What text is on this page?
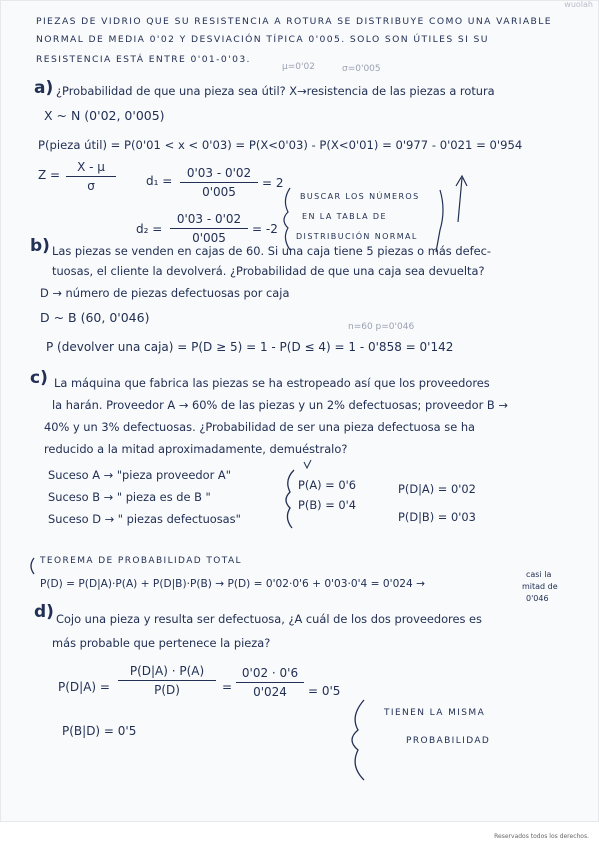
wuolah
PIEZAS DE VIDRIO QUE SU RESISTENCIA A ROTURA SE DISTRIBUYE COMO UNA VARIABLE
NORMAL DE MEDIA 0'02 Y DESVIACIÓN TÍPICA 0'005. SOLO SON ÚTILES SI SU
RESISTENCIA ESTÁ ENTRE 0'01-0'03.
μ=0'02	σ=0'005
a) ¿Probabilidad de que una pieza sea útil? X→resistencia de las piezas a rotura
X ~ N (0'02, 0'005)
P(pieza útil) = P(0'01 < x < 0'03) = P(X<0'03) - P(X<0'01) = 0'977 - 0'021 = 0'954
Z =
X - μ
σ	d₁ =
0'03 - 0'02
0'005
= 2
d₂ =
0'03 - 0'02
0'005
= -2
BUSCAR LOS NÚMEROS
EN LA TABLA DE
DISTRIBUCIÓN NORMAL
b) Las piezas se venden en cajas de 60. Si una caja tiene 5 piezas o más defec-
tuosas, el cliente la devolverá. ¿Probabilidad de que una caja sea devuelta?
D → número de piezas defectuosas por caja
D ~ B (60, 0'046)
n=60 p=0'046
P (devolver una caja) = P(D ≥ 5) = 1 - P(D ≤ 4) = 1 - 0'858 = 0'142
c) La máquina que fabrica las piezas se ha estropeado así que los proveedores
la harán. Proveedor A → 60% de las piezas y un 2% defectuosas; proveedor B →
40% y un 3% defectuosas. ¿Probabilidad de ser una pieza defectuosa se ha
reducido a la mitad aproximadamente, demuéstralo?
Suceso A → "pieza proveedor A"
Suceso B → " pieza es de B "
Suceso D → " piezas defectuosas"
P(A) = 0'6
P(B) = 0'4
P(D|A) = 0'02
P(D|B) = 0'03
TEOREMA DE PROBABILIDAD TOTAL
P(D) = P(D|A)·P(A) + P(D|B)·P(B) → P(D) = 0'02·0'6 + 0'03·0'4 = 0'024 →
casi la
mitad de
0'046
d) Cojo una pieza y resulta ser defectuosa, ¿A cuál de los dos proveedores es
más probable que pertenece la pieza?
P(D|A) =
P(D|A) · P(A)
P(D)	=
0'02 · 0'6
0'024	= 0'5
P(B|D) = 0'5
TIENEN LA MISMA
PROBABILIDAD
Reservados todos los derechos.
